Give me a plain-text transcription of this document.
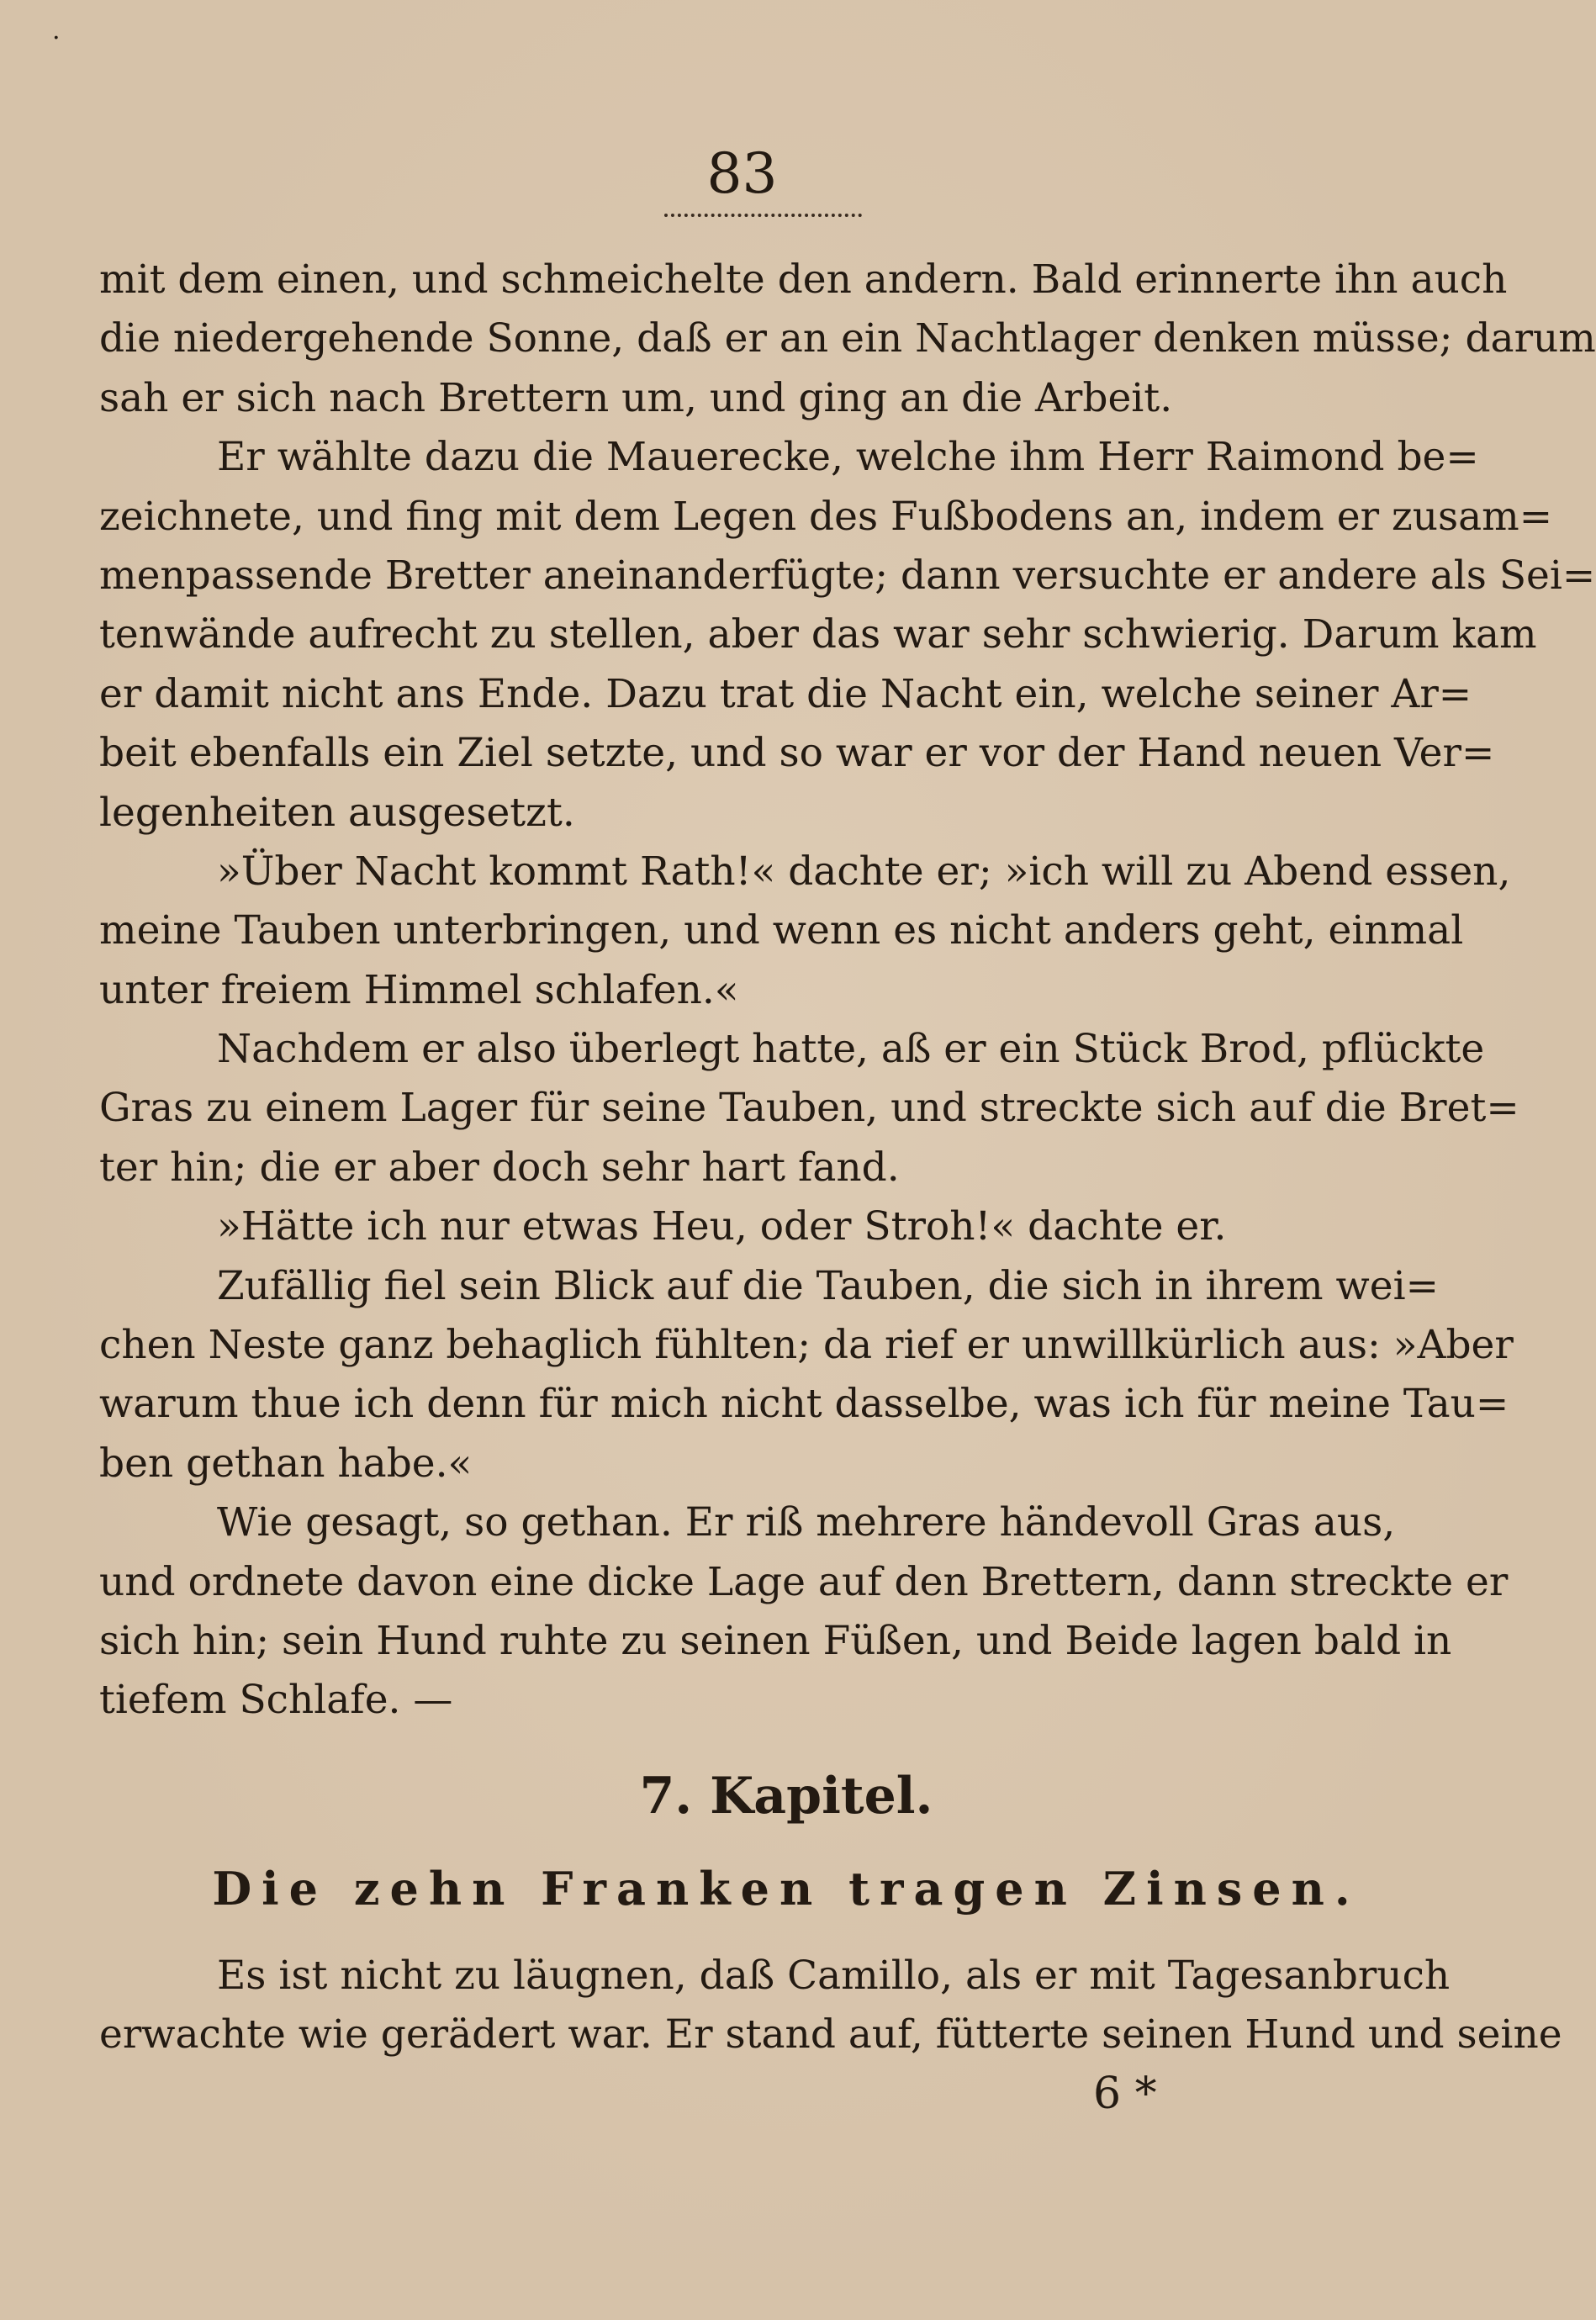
.
83
mit dem einen, und schmeichelte den andern. Bald erinnerte ihn auch
die niedergehende Sonne, daß er an ein Nachtlager denken müsse; darum
sah er sich nach Brettern um, und ging an die Arbeit.
Er wählte dazu die Mauerecke, welche ihm Herr Raimond be=
zeichnete, und fing mit dem Legen des Fußbodens an, indem er zusam=
menpassende Bretter aneinanderfügte; dann versuchte er andere als Sei=
tenwände aufrecht zu stellen, aber das war sehr schwierig. Darum kam
er damit nicht ans Ende. Dazu trat die Nacht ein, welche seiner Ar=
beit ebenfalls ein Ziel setzte, und so war er vor der Hand neuen Ver=
legenheiten ausgesetzt.
»Über Nacht kommt Rath!« dachte er; »ich will zu Abend essen,
meine Tauben unterbringen, und wenn es nicht anders geht, einmal
unter freiem Himmel schlafen.«
Nachdem er also überlegt hatte, aß er ein Stück Brod, pflückte
Gras zu einem Lager für seine Tauben, und streckte sich auf die Bret=
ter hin; die er aber doch sehr hart fand.
»Hätte ich nur etwas Heu, oder Stroh!« dachte er.
Zufällig fiel sein Blick auf die Tauben, die sich in ihrem wei=
chen Neste ganz behaglich fühlten; da rief er unwillkürlich aus: »Aber
warum thue ich denn für mich nicht dasselbe, was ich für meine Tau=
ben gethan habe.«
Wie gesagt, so gethan. Er riß mehrere händevoll Gras aus,
und ordnete davon eine dicke Lage auf den Brettern, dann streckte er
sich hin; sein Hund ruhte zu seinen Füßen, und Beide lagen bald in
tiefem Schlafe. —
7. Kapitel.
Die zehn Franken tragen Zinsen.
Es ist nicht zu läugnen, daß Camillo, als er mit Tagesanbruch
erwachte wie gerädert war. Er stand auf, fütterte seinen Hund und seine
6 *
